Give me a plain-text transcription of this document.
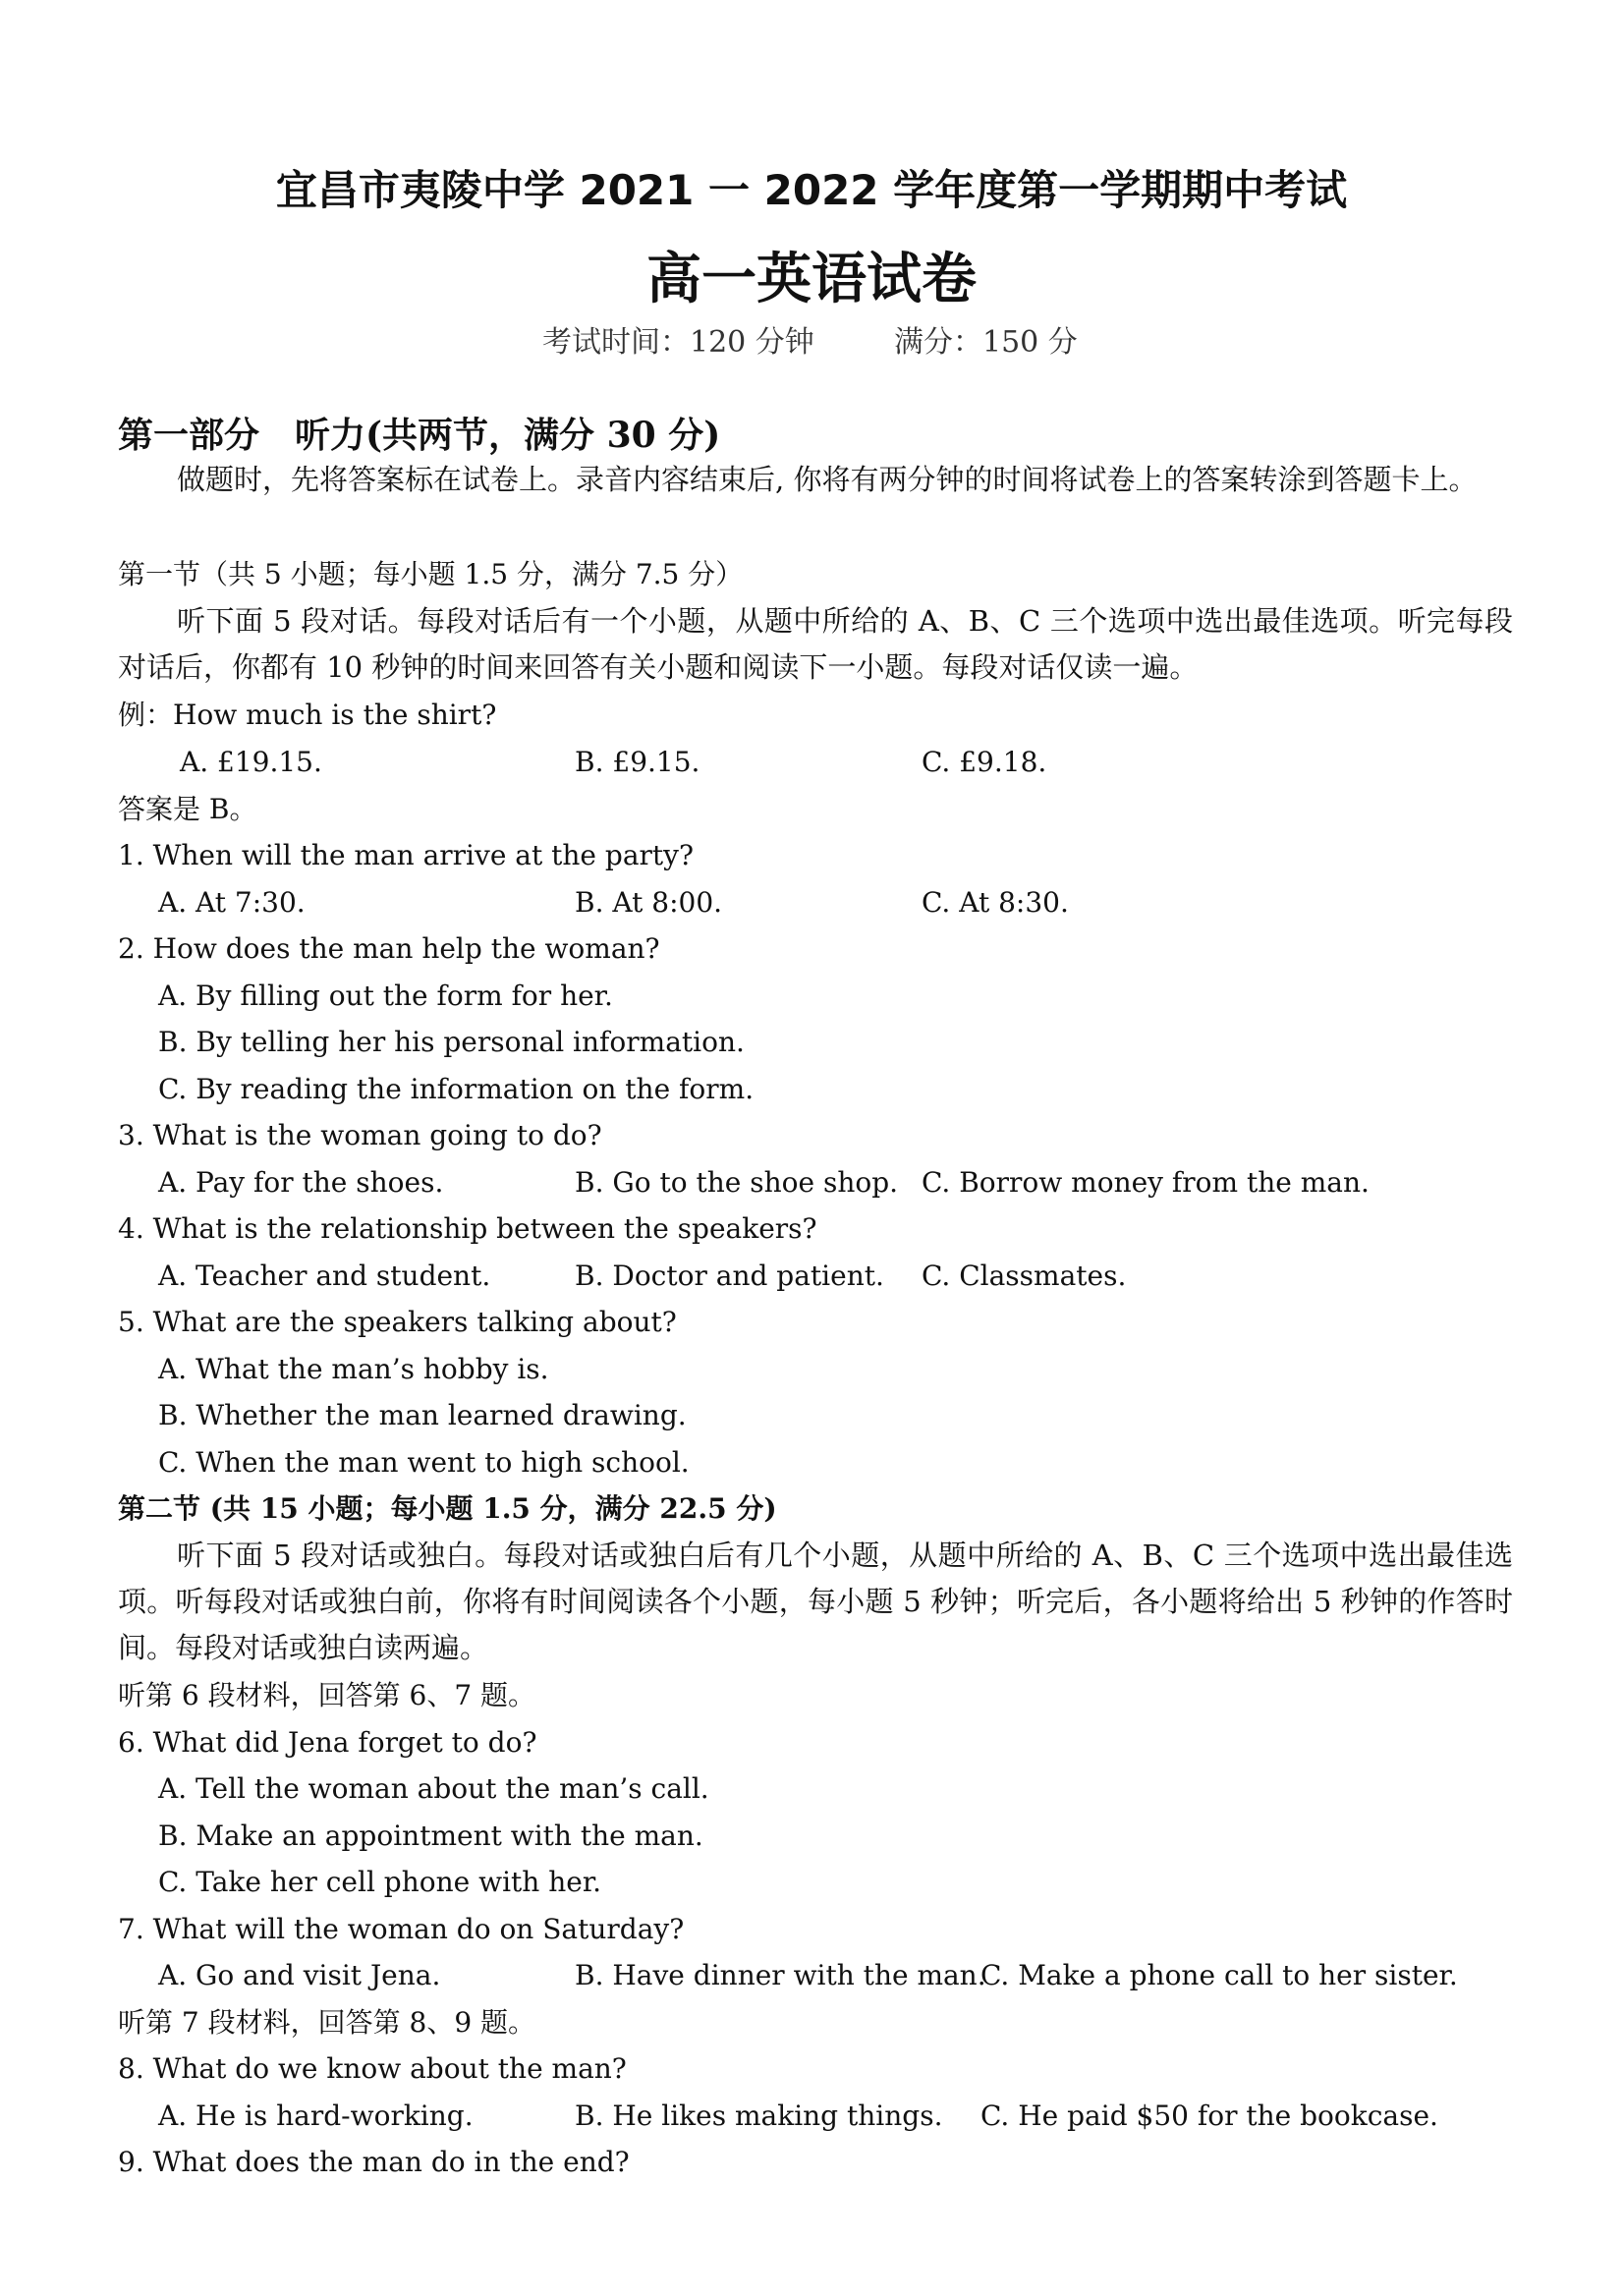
宜昌市夷陵中学 2021 一 2022 学年度第一学期期中考试
高一英语试卷
考试时间：120 分钟	满分：150 分
第一部分　听力(共两节，满分 30 分)
做题时，先将答案标在试卷上。录音内容结束后, 你将有两分钟的时间将试卷上的答案转涂到答题卡上。
第一节（共 5 小题；每小题 1.5 分，满分 7.5 分）
听下面 5 段对话。每段对话后有一个小题，从题中所给的 A、B、C 三个选项中选出最佳选项。听完每段对话后，你都有 10 秒钟的时间来回答有关小题和阅读下一小题。每段对话仅读一遍。
例：How much is the shirt?
A. £19.15.	B. £9.15.	C. £9.18.
答案是 B。
1. When will the man arrive at the party?
A. At 7:30.	B. At 8:00.	C. At 8:30.
2. How does the man help the woman?
A. By filling out the form for her.
B. By telling her his personal information.
C. By reading the information on the form.
3. What is the woman going to do?
A. Pay for the shoes.	B. Go to the shoe shop. C. Borrow money from the man.
4. What is the relationship between the speakers?
A. Teacher and student.	B. Doctor and patient. C. Classmates.
5. What are the speakers talking about?
A. What the man’s hobby is.
B. Whether the man learned drawing.
C. When the man went to high school.
第二节 (共 15 小题；每小题 1.5 分，满分 22.5 分)
听下面 5 段对话或独白。每段对话或独白后有几个小题，从题中所给的 A、B、C 三个选项中选出最佳选项。听每段对话或独白前，你将有时间阅读各个小题，每小题 5 秒钟；听完后，各小题将给出 5 秒钟的作答时间。每段对话或独白读两遍。
听第 6 段材料，回答第 6、7 题。
6. What did Jena forget to do?
A. Tell the woman about the man’s call.
B. Make an appointment with the man.
C. Take her cell phone with her.
7. What will the woman do on Saturday?
A. Go and visit Jena.	B. Have dinner with the man.
C. Make a phone call to her sister.
听第 7 段材料，回答第 8、9 题。
8. What do we know about the man?
A. He is hard-working.	B. He likes making things. C. He paid $50 for the bookcase.
9. What does the man do in the end?
